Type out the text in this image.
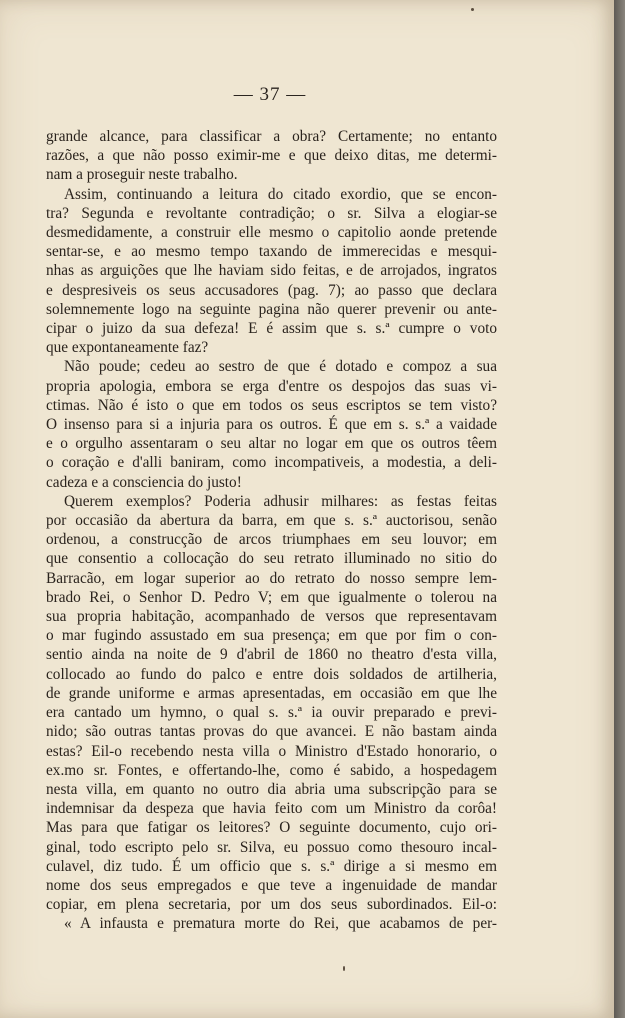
— 37 —
grande alcance, para classificar a obra? Certamente; no entanto
razões, a que não posso eximir-me e que deixo ditas, me determi-
nam a proseguir neste trabalho.
Assim, continuando a leitura do citado exordio, que se encon-
tra? Segunda e revoltante contradição; o sr. Silva a elogiar-se
desmedidamente, a construir elle mesmo o capitolio aonde pretende
sentar-se, e ao mesmo tempo taxando de immerecidas e mesqui-
nhas as arguições que lhe haviam sido feitas, e de arrojados, ingratos
e despresiveis os seus accusadores (pag. 7); ao passo que declara
solemnemente logo na seguinte pagina não querer prevenir ou ante-
cipar o juizo da sua defeza! E é assim que s. s.ª cumpre o voto
que expontaneamente faz?
Não poude; cedeu ao sestro de que é dotado e compoz a sua
propria apologia, embora se erga d'entre os despojos das suas vi-
ctimas. Não é isto o que em todos os seus escriptos se tem visto?
O insenso para si a injuria para os outros. É que em s. s.ª a vaidade
e o orgulho assentaram o seu altar no logar em que os outros têem
o coração e d'alli baniram, como incompativeis, a modestia, a deli-
cadeza e a consciencia do justo!
Querem exemplos? Poderia adhusir milhares: as festas feitas
por occasião da abertura da barra, em que s. s.ª auctorisou, senão
ordenou, a construcção de arcos triumphaes em seu louvor; em
que consentio a collocação do seu retrato illuminado no sitio do
Barracão, em logar superior ao do retrato do nosso sempre lem-
brado Rei, o Senhor D. Pedro V; em que igualmente o tolerou na
sua propria habitação, acompanhado de versos que representavam
o mar fugindo assustado em sua presença; em que por fim o con-
sentio ainda na noite de 9 d'abril de 1860 no theatro d'esta villa,
collocado ao fundo do palco e entre dois soldados de artilheria,
de grande uniforme e armas apresentadas, em occasião em que lhe
era cantado um hymno, o qual s. s.ª ia ouvir preparado e previ-
nido; são outras tantas provas do que avancei. E não bastam ainda
estas? Eil-o recebendo nesta villa o Ministro d'Estado honorario, o
ex.mo sr. Fontes, e offertando-lhe, como é sabido, a hospedagem
nesta villa, em quanto no outro dia abria uma subscripção para se
indemnisar da despeza que havia feito com um Ministro da corôa!
Mas para que fatigar os leitores? O seguinte documento, cujo ori-
ginal, todo escripto pelo sr. Silva, eu possuo como thesouro incal-
culavel, diz tudo. É um officio que s. s.ª dirige a si mesmo em
nome dos seus empregados e que teve a ingenuidade de mandar
copiar, em plena secretaria, por um dos seus subordinados. Eil-o:
« A infausta e prematura morte do Rei, que acabamos de per-
